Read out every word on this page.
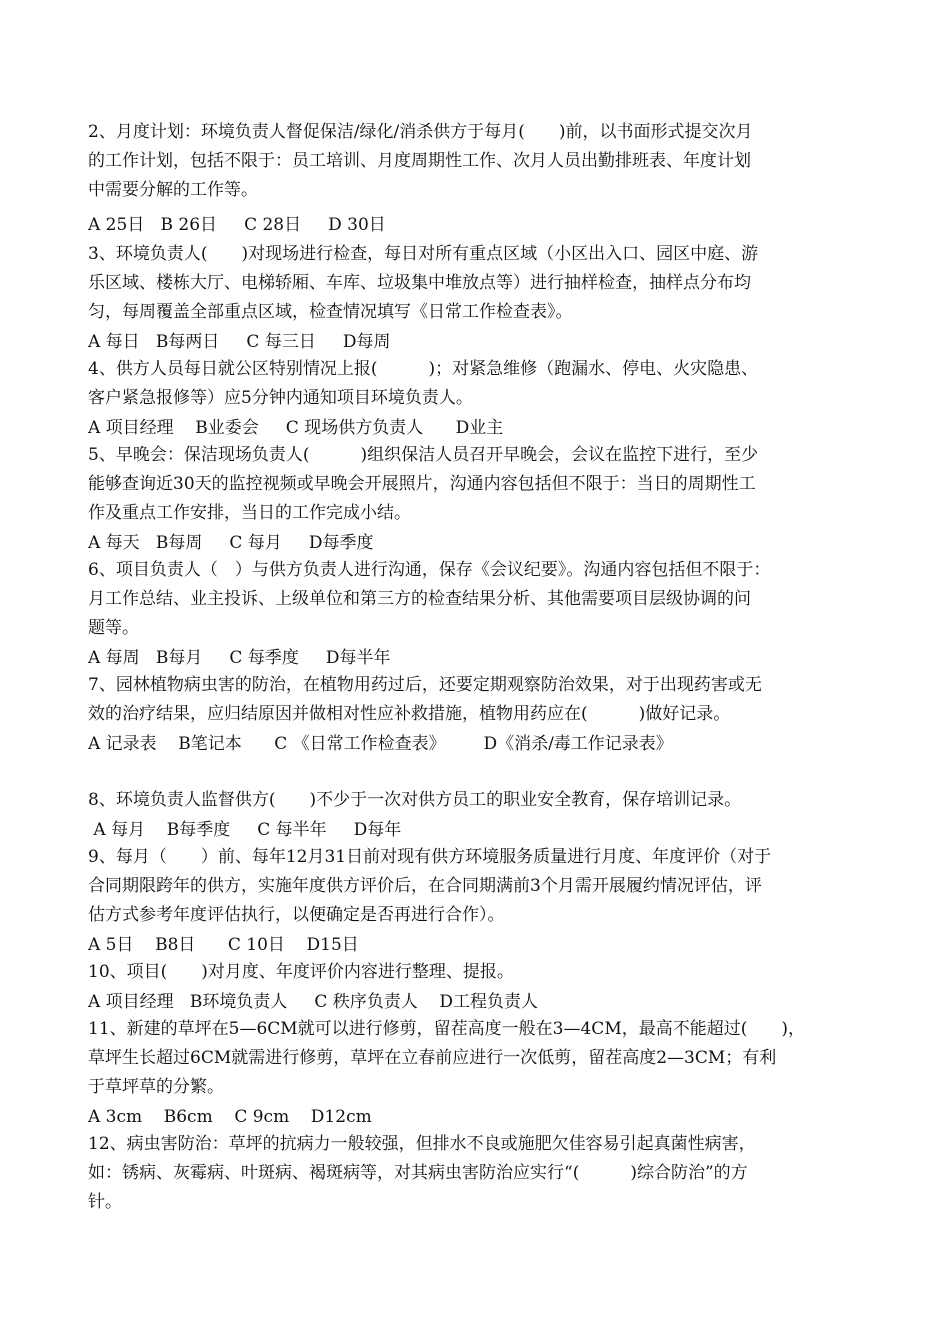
2、月度计划：环境负责人督促保洁/绿化/消杀供方于每月(　　)前，以书面形式提交次月
的工作计划，包括不限于：员工培训、月度周期性工作、次月人员出勤排班表、年度计划
中需要分解的工作等。
A 25日   B 26日     C 28日     D 30日
3、环境负责人(　　)对现场进行检查，每日对所有重点区域（小区出入口、园区中庭、游
乐区域、楼栋大厅、电梯轿厢、车库、垃圾集中堆放点等）进行抽样检查，抽样点分布均
匀，每周覆盖全部重点区域，检查情况填写《日常工作检查表》。
A 每日   B每两日     C 每三日     D每周
4、供方人员每日就公区特别情况上报(　　　)；对紧急维修（跑漏水、停电、火灾隐患、
客户紧急报修等）应5分钟内通知项目环境负责人。
A 项目经理    B业委会     C 现场供方负责人      D业主
5、早晚会：保洁现场负责人(　　　)组织保洁人员召开早晚会，会议在监控下进行，至少
能够查询近30天的监控视频或早晚会开展照片，沟通内容包括但不限于：当日的周期性工
作及重点工作安排，当日的工作完成小结。
A 每天   B每周     C 每月     D每季度
6、项目负责人（　）与供方负责人进行沟通，保存《会议纪要》。沟通内容包括但不限于：
月工作总结、业主投诉、上级单位和第三方的检查结果分析、其他需要项目层级协调的问
题等。
A 每周   B每月     C 每季度     D每半年
7、园林植物病虫害的防治，在植物用药过后，还要定期观察防治效果，对于出现药害或无
效的治疗结果，应归结原因并做相对性应补救措施，植物用药应在(　　　)做好记录。
A 记录表    B笔记本      C 《日常工作检查表》       D《消杀/毒工作记录表》
8、环境负责人监督供方(　　)不少于一次对供方员工的职业安全教育，保存培训记录。
A 每月    B每季度     C 每半年     D每年
9、每月（　　）前、每年12月31日前对现有供方环境服务质量进行月度、年度评价（对于
合同期限跨年的供方，实施年度供方评价后，在合同期满前3个月需开展履约情况评估，评
估方式参考年度评估执行，以便确定是否再进行合作）。
A 5日    B8日      C 10日    D15日
10、项目(　　)对月度、年度评价内容进行整理、提报。
A 项目经理   B环境负责人     C 秩序负责人    D工程负责人
11、新建的草坪在5—6CM就可以进行修剪，留茬高度一般在3—4CM，最高不能超过(　　)，
草坪生长超过6CM就需进行修剪，草坪在立春前应进行一次低剪，留茬高度2—3CM；有利
于草坪草的分繁。
A 3cm    B6cm    C 9cm    D12cm
12、病虫害防治：草坪的抗病力一般较强，但排水不良或施肥欠佳容易引起真菌性病害，
如：锈病、灰霉病、叶斑病、褐斑病等，对其病虫害防治应实行“(　　　)综合防治”的方
针。
